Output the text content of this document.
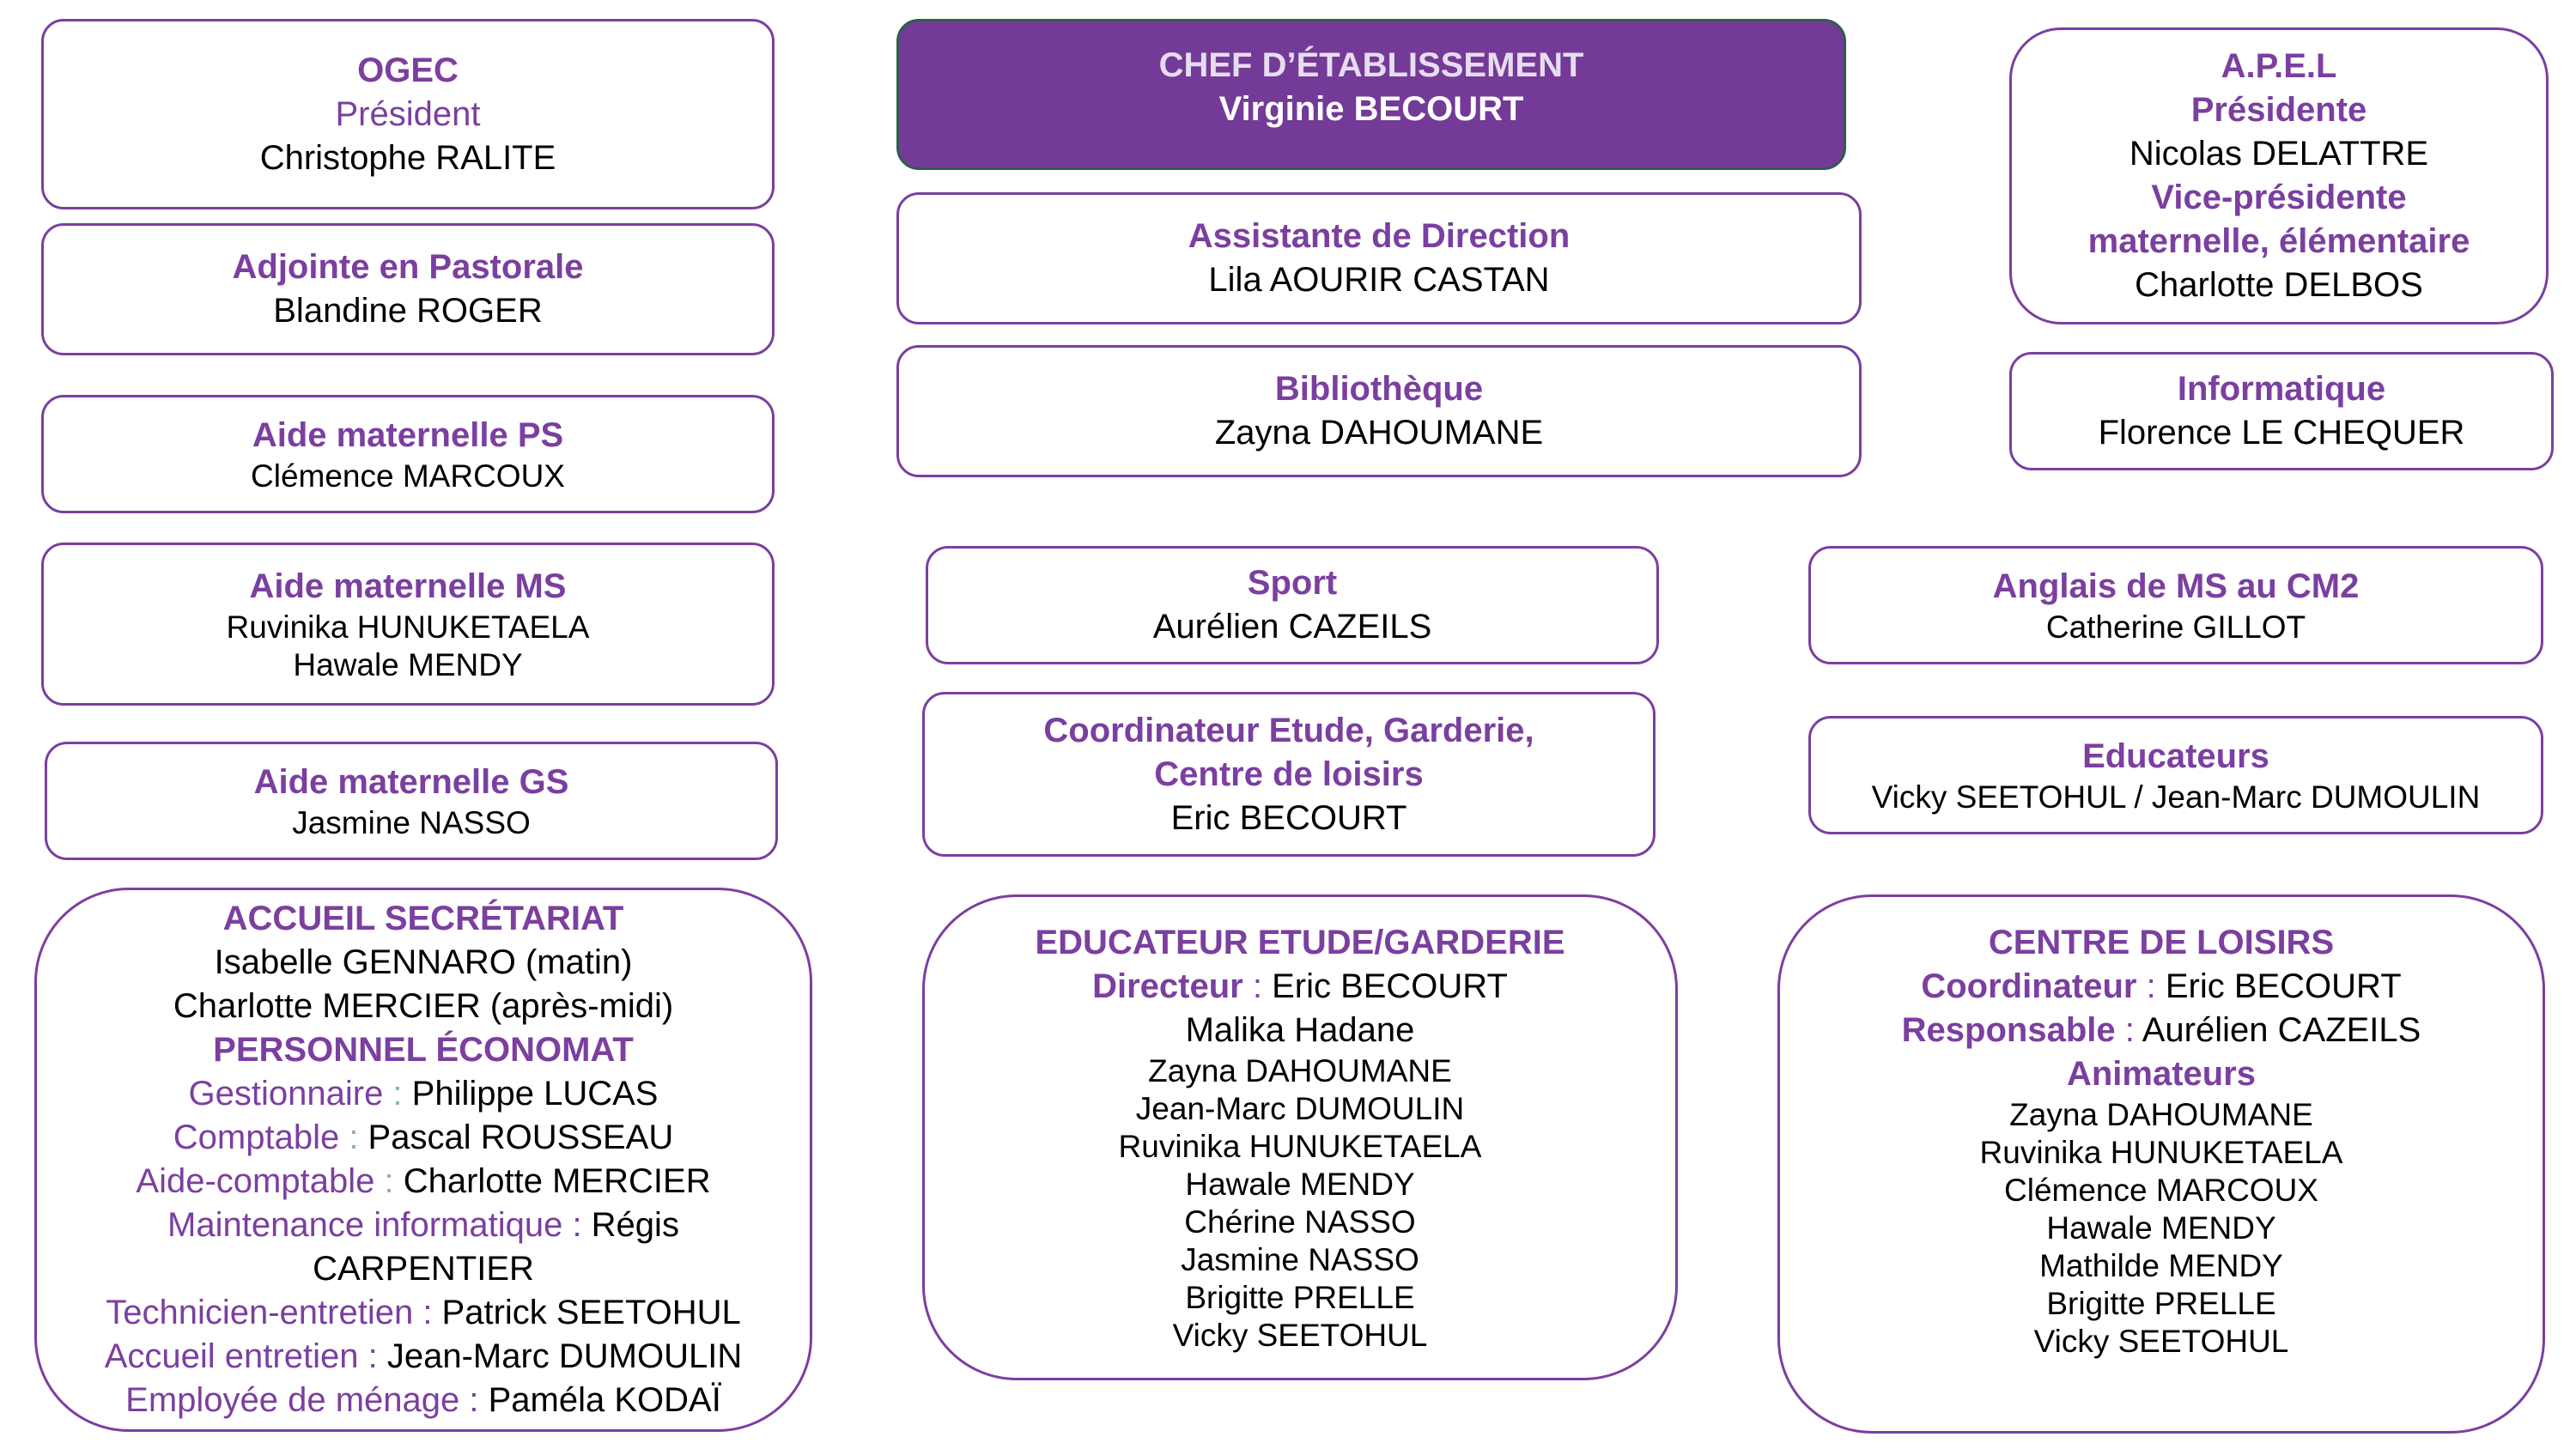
OGEC
Président
Christophe RALITE
Adjointe en Pastorale
Blandine ROGER
Aide maternelle PS
Clémence MARCOUX
Aide maternelle MS
Ruvinika HUNUKETAELA
Hawale MENDY
Aide maternelle GS
Jasmine NASSO
ACCUEIL SECRÉTARIAT
Isabelle GENNARO (matin)
Charlotte MERCIER (après-midi)
PERSONNEL ÉCONOMAT
Gestionnaire : Philippe LUCAS
Comptable : Pascal ROUSSEAU
Aide-comptable : Charlotte MERCIER
Maintenance informatique : Régis
CARPENTIER
Technicien-entretien : Patrick SEETOHUL
Accueil entretien : Jean-Marc DUMOULIN
Employée de ménage : Paméla KODAÏ
CHEF D’ÉTABLISSEMENT
Virginie BECOURT
Assistante de Direction
Lila AOURIR CASTAN
Bibliothèque
Zayna DAHOUMANE
Sport
Aurélien CAZEILS
Coordinateur Etude, Garderie,
Centre de loisirs
Eric BECOURT
EDUCATEUR ETUDE/GARDERIE
Directeur : Eric BECOURT
Malika Hadane
Zayna DAHOUMANE
Jean-Marc DUMOULIN
Ruvinika HUNUKETAELA
Hawale MENDY
Chérine NASSO
Jasmine NASSO
Brigitte PRELLE
Vicky SEETOHUL
A.P.E.L
Présidente
Nicolas DELATTRE
Vice-présidente
maternelle, élémentaire
Charlotte DELBOS
Informatique
Florence LE CHEQUER
Anglais de MS au CM2
Catherine GILLOT
Educateurs
Vicky SEETOHUL / Jean-Marc DUMOULIN
CENTRE DE LOISIRS
Coordinateur : Eric BECOURT
Responsable : Aurélien CAZEILS
Animateurs
Zayna DAHOUMANE
Ruvinika HUNUKETAELA
Clémence MARCOUX
Hawale MENDY
Mathilde MENDY
Brigitte PRELLE
Vicky SEETOHUL
